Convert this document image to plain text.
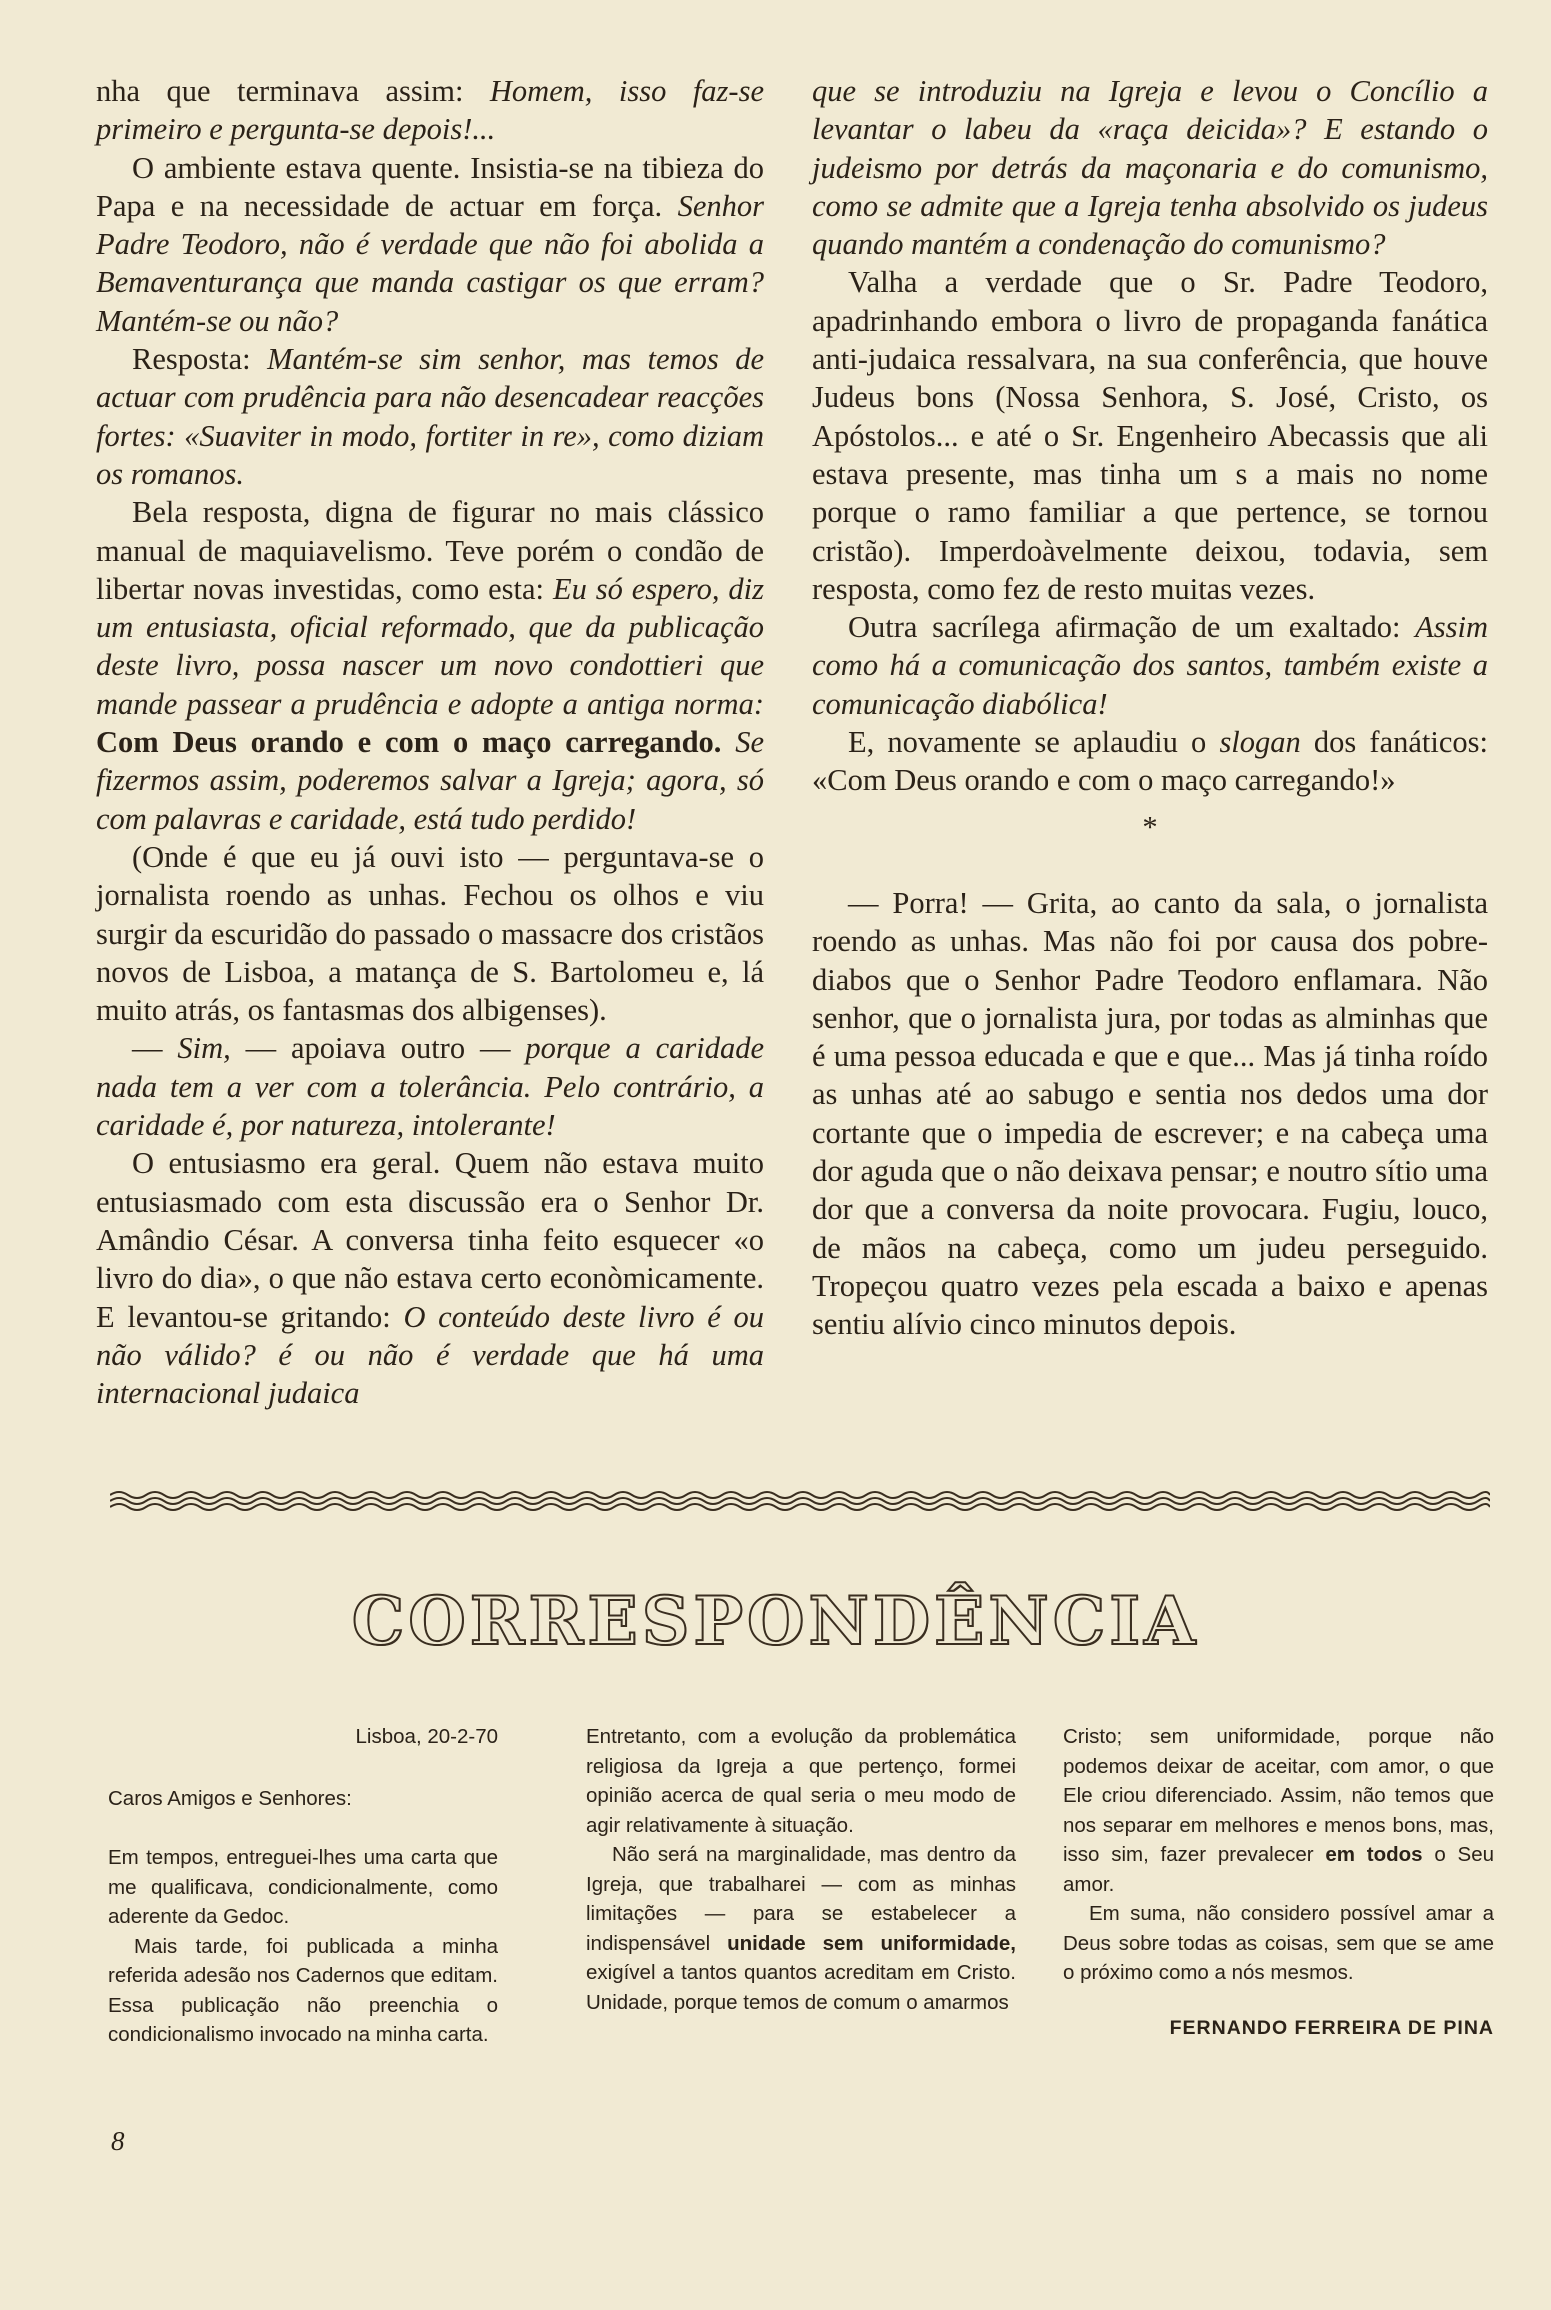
nha que terminava assim: Homem, isso faz-se primeiro e pergunta-se depois!...

O ambiente estava quente. Insistia-se na tibieza do Papa e na necessidade de actuar em força. Senhor Padre Teodoro, não é verdade que não foi abolida a Bemaventurança que manda castigar os que erram? Mantém-se ou não?

Resposta: Mantém-se sim senhor, mas temos de actuar com prudência para não desencadear reacções fortes: «Suaviter in modo, fortiter in re», como diziam os romanos.

Bela resposta, digna de figurar no mais clássico manual de maquiavelismo. Teve porém o condão de libertar novas investidas, como esta: Eu só espero, diz um entusiasta, oficial reformado, que da publicação deste livro, possa nascer um novo condottieri que mande passear a prudência e adopte a antiga norma: Com Deus orando e com o maço carregando. Se fizermos assim, poderemos salvar a Igreja; agora, só com palavras e caridade, está tudo perdido!

(Onde é que eu já ouvi isto — perguntava-se o jornalista roendo as unhas. Fechou os olhos e viu surgir da escuridão do passado o massacre dos cristãos novos de Lisboa, a matança de S. Bartolomeu e, lá muito atrás, os fantasmas dos albigenses).

— Sim, — apoiava outro — porque a caridade nada tem a ver com a tolerância. Pelo contrário, a caridade é, por natureza, intolerante!

O entusiasmo era geral. Quem não estava muito entusiasmado com esta discussão era o Senhor Dr. Amândio César. A conversa tinha feito esquecer «o livro do dia», o que não estava certo econòmicamente. E levantou-se gritando: O conteúdo deste livro é ou não válido? é ou não é verdade que há uma internacional judaica

que se introduziu na Igreja e levou o Concílio a levantar o labeu da «raça deicida»? E estando o judeismo por detrás da maçonaria e do comunismo, como se admite que a Igreja tenha absolvido os judeus quando mantém a condenação do comunismo?

Valha a verdade que o Sr. Padre Teodoro, apadrinhando embora o livro de propaganda fanática anti-judaica ressalvara, na sua conferência, que houve Judeus bons (Nossa Senhora, S. José, Cristo, os Apóstolos... e até o Sr. Engenheiro Abecassis que ali estava presente, mas tinha um s a mais no nome porque o ramo familiar a que pertence, se tornou cristão). Imperdoàvelmente deixou, todavia, sem resposta, como fez de resto muitas vezes.

Outra sacrílega afirmação de um exaltado: Assim como há a comunicação dos santos, também existe a comunicação diabólica!

E, novamente se aplaudiu o slogan dos fanáticos: «Com Deus orando e com o maço carregando!»

*

— Porra! — Grita, ao canto da sala, o jornalista roendo as unhas. Mas não foi por causa dos pobre-diabos que o Senhor Padre Teodoro enflamara. Não senhor, que o jornalista jura, por todas as alminhas que é uma pessoa educada e que e que... Mas já tinha roído as unhas até ao sabugo e sentia nos dedos uma dor cortante que o impedia de escrever; e na cabeça uma dor aguda que o não deixava pensar; e noutro sítio uma dor que a conversa da noite provocara. Fugiu, louco, de mãos na cabeça, como um judeu perseguido. Tropeçou quatro vezes pela escada a baixo e apenas sentiu alívio cinco minutos depois.

CORRESPONDÊNCIA

Lisboa, 20-2-70

Caros Amigos e Senhores:

Em tempos, entreguei-lhes uma carta que me qualificava, condicionalmente, como aderente da Gedoc.

Mais tarde, foi publicada a minha referida adesão nos Cadernos que editam. Essa publicação não preenchia o condicionalismo invocado na minha carta.

Entretanto, com a evolução da problemática religiosa da Igreja a que pertenço, formei opinião acerca de qual seria o meu modo de agir relativamente à situação.

Não será na marginalidade, mas dentro da Igreja, que trabalharei — com as minhas limitações — para se estabelecer a indispensável unidade sem uniformidade, exigível a tantos quantos acreditam em Cristo. Unidade, porque temos de comum o amarmos

Cristo; sem uniformidade, porque não podemos deixar de aceitar, com amor, o que Ele criou diferenciado. Assim, não temos que nos separar em melhores e menos bons, mas, isso sim, fazer prevalecer em todos o Seu amor.

Em suma, não considero possível amar a Deus sobre todas as coisas, sem que se ame o próximo como a nós mesmos.

FERNANDO FERREIRA DE PINA
8
